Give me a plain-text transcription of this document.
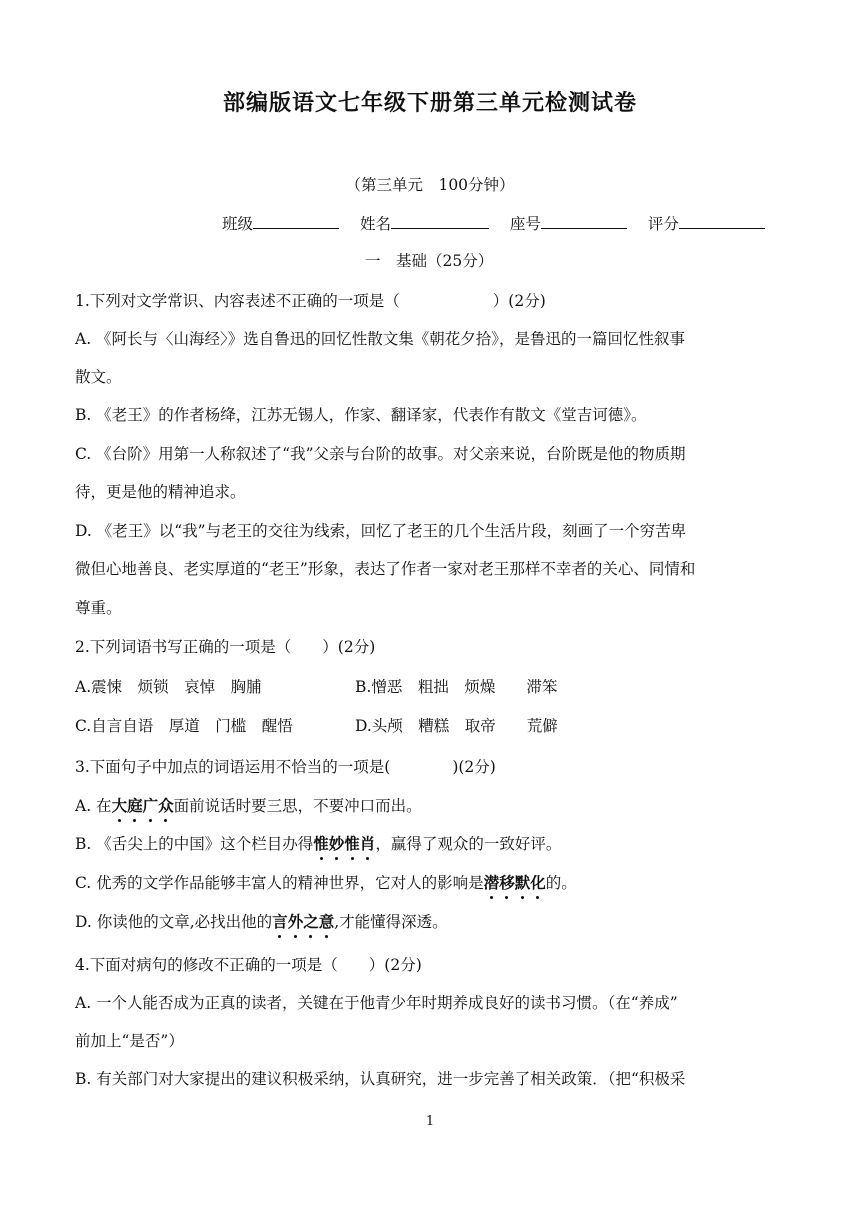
部编版语文七年级下册第三单元检测试卷
（第三单元　100分钟）
班级	姓名	座号	评分
一　基础（25分）
1.下列对文学常识、内容表述不正确的一项是（　　　　　　）(2分)
A. 《阿长与〈山海经〉》选自鲁迅的回忆性散文集《朝花夕拾》，是鲁迅的一篇回忆性叙事
散文。
B. 《老王》的作者杨绛，江苏无锡人，作家、翻译家，代表作有散文《堂吉诃德》。
C. 《台阶》用第一人称叙述了“我”父亲与台阶的故事。对父亲来说，台阶既是他的物质期
待，更是他的精神追求。
D. 《老王》以“我”与老王的交往为线索，回忆了老王的几个生活片段，刻画了一个穷苦卑
微但心地善良、老实厚道的“老王”形象，表达了作者一家对老王那样不幸者的关心、同情和
尊重。
2.下列词语书写正确的一项是（　　）(2分)
A.震悚　烦锁　哀悼　胸脯	B.憎恶　粗拙　烦燥　　滞笨
C.自言自语　厚道　门槛　醒悟	D.头颅　糟糕　取帝　　荒僻
3.下面句子中加点的词语运用不恰当的一项是(　　　　)(2分)
A. 在大庭广众面前说话时要三思，不要冲口而出。
B. 《舌尖上的中国》这个栏目办得惟妙惟肖，赢得了观众的一致好评。
C. 优秀的文学作品能够丰富人的精神世界，它对人的影响是潜移默化的。
D. 你读他的文章,必找出他的言外之意,才能懂得深透。
4.下面对病句的修改不正确的一项是（　　）(2分)
A. 一个人能否成为正真的读者，关键在于他青少年时期养成良好的读书习惯。（在“养成”
前加上“是否”）
B. 有关部门对大家提出的建议积极采纳，认真研究，进一步完善了相关政策．（把“积极采
1
